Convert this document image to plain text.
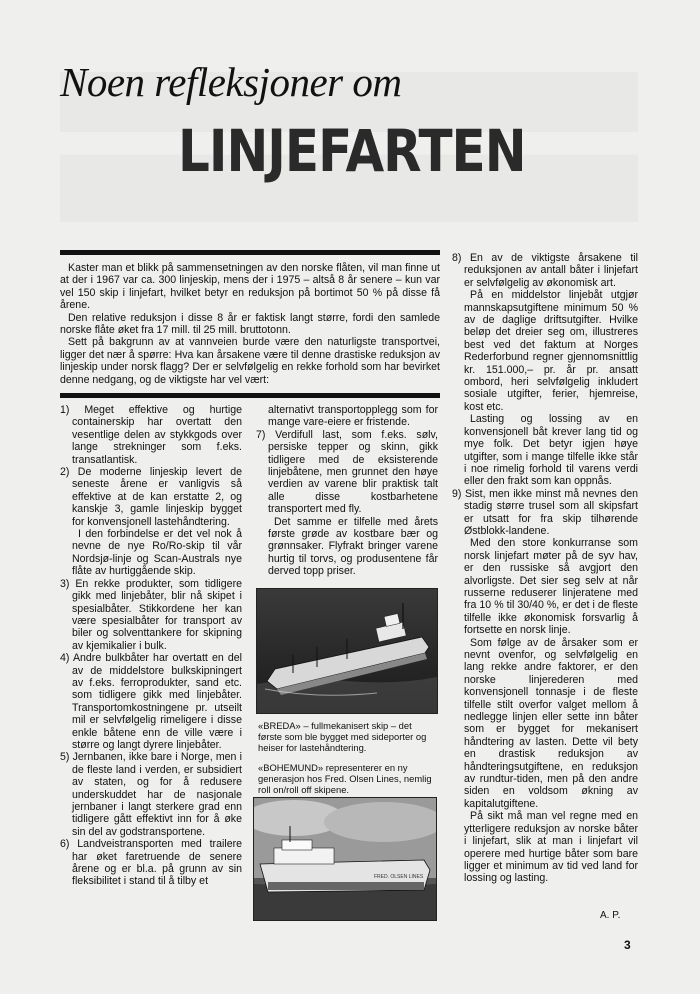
Noen refleksjoner om
LINJEFARTEN

Kaster man et blikk på sammensetningen av den norske flåten, vil man finne ut at der i 1967 var ca. 300 linjeskip, mens der i 1975 – altså 8 år senere – kun var vel 150 skip i linjefart, hvilket betyr en reduksjon på bortimot 50 % på disse få årene.

Den relative reduksjon i disse 8 år er faktisk langt større, fordi den samlede norske flåte øket fra 17 mill. til 25 mill. bruttotonn.

Sett på bakgrunn av at vannveien burde være den naturligste transportvei, ligger det nær å spørre: Hva kan årsakene være til denne drastiske reduksjon av linjeskip under norsk flagg? Der er selvfølgelig en rekke forhold som har bevirket denne nedgang, og de viktigste har vel vært:

1) Meget effektive og hurtige containerskip har overtatt den vesentlige delen av stykkgods over lange strekninger som f.eks. transatlantisk.

2) De moderne linjeskip levert de seneste årene er vanligvis så effektive at de kan erstatte 2, og kanskje 3, gamle linjeskip bygget for konvensjonell lastehåndtering.

I den forbindelse er det vel nok å nevne de nye Ro/Ro-skip til vår Nordsjø-linje og Scan-Australs nye flåte av hurtiggående skip.

3) En rekke produkter, som tidligere gikk med linjebåter, blir nå skipet i spesialbåter. Stikkordene her kan være spesialbåter for transport av biler og solventtankere for skipning av kjemikalier i bulk.

4) Andre bulkbåter har overtatt en del av de middelstore bulkskipningert av f.eks. ferroprodukter, sand etc. som tidligere gikk med linjebåter. Transportomkostningene pr. utseilt mil er selvfølgelig rimeligere i disse enkle båtene enn de ville være i større og langt dyrere linjebåter.

5) Jernbanen, ikke bare i Norge, men i de fleste land i verden, er subsidiert av staten, og for å redusere underskuddet har de nasjonale jernbaner i langt sterkere grad enn tidligere gått effektivt inn for å øke sin del av godstransportene.

6) Landveistransporten med trailere har øket faretruende de senere årene og er bl.a. på grunn av sin fleksibilitet i stand til å tilby et

alternativt transportopplegg som for mange vare-eiere er fristende.

7) Verdifull last, som f.eks. sølv, persiske tepper og skinn, gikk tidligere med de eksisterende linjebåtene, men grunnet den høye verdien av varene blir praktisk talt alle disse kostbarhetene transportert med fly.

Det samme er tilfelle med årets første grøde av kostbare bær og grønnsaker. Flyfrakt bringer varene hurtig til torvs, og produsentene får derved topp priser.

«BREDA» – fullmekanisert skip – det første som ble bygget med sideporter og heiser for lastehåndtering.
«BOHEMUND» representerer en ny generasjon hos Fred. Olsen Lines, nemlig roll on/roll off skipene.
FRED. OLSEN LINES

8) En av de viktigste årsakene til reduksjonen av antall båter i linjefart er selvfølgelig av økonomisk art.

På en middelstor linjebåt utgjør mannskapsutgiftene minimum 50 % av de daglige driftsutgifter. Hvilke beløp det dreier seg om, illustreres best ved det faktum at Norges Rederforbund regner gjennomsnittlig kr. 151.000,– pr. år pr. ansatt ombord, heri selvfølgelig inkludert sosiale utgifter, ferier, hjemreise, kost etc.

Lasting og lossing av en konvensjonell båt krever lang tid og mye folk. Det betyr igjen høye utgifter, som i mange tilfelle ikke står i noe rimelig forhold til varens verdi eller den frakt som kan oppnås.

9) Sist, men ikke minst må nevnes den stadig større trusel som all skipsfart er utsatt for fra skip tilhørende Østblokk-landene.

Med den store konkurranse som norsk linjefart møter på de syv hav, er den russiske så avgjort den alvorligste. Det sier seg selv at når russerne reduserer linjeratene med fra 10 % til 30/40 %, er det i de fleste tilfelle ikke økonomisk forsvarlig å fortsette en norsk linje.

Som følge av de årsaker som er nevnt ovenfor, og selvfølgelig en lang rekke andre faktorer, er den norske linjerederen med konvensjonell tonnasje i de fleste tilfelle stilt overfor valget mellom å nedlegge linjen eller sette inn båter som er bygget for mekanisert håndtering av lasten. Dette vil bety en drastisk reduksjon av håndteringsutgiftene, en reduksjon av rundtur-tiden, men på den andre siden en voldsom økning av kapitalutgiftene.

På sikt må man vel regne med en ytterligere reduksjon av norske båter i linjefart, slik at man i linjefart vil operere med hurtige båter som bare ligger et minimum av tid ved land for lossing og lasting.

A. P.
3
